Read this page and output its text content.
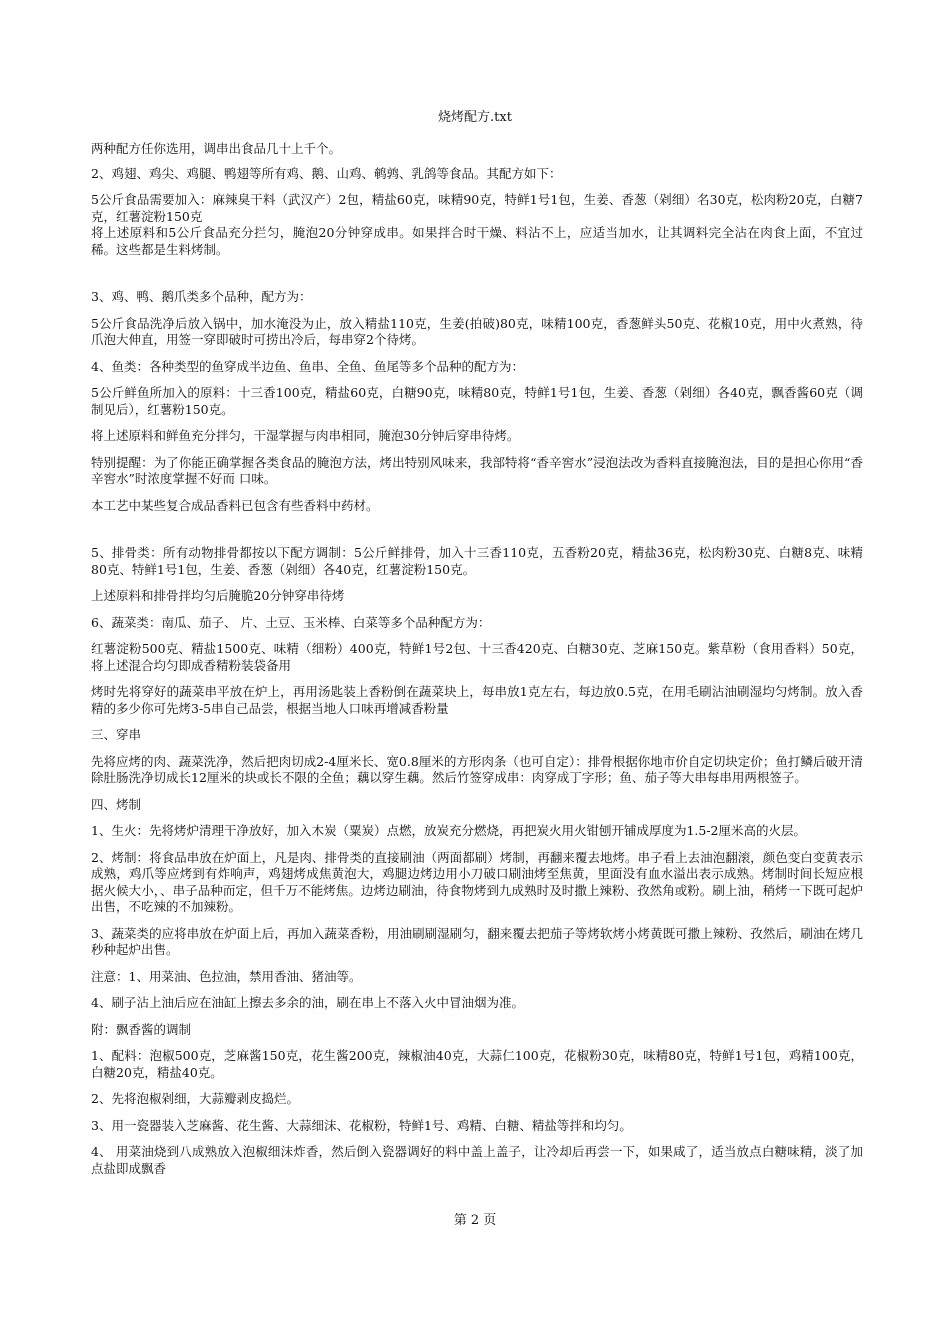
烧烤配方.txt

两种配方任你选用，调串出食品几十上千个。

2、鸡翅、鸡尖、鸡腿、鸭翅等所有鸡、鹅、山鸡、鹌鹑、乳鸽等食品。其配方如下：

5公斤食品需要加入：麻辣臭干料（武汉产）2包，精盐60克，味精90克，特鲜1号1包，生姜、香葱（剁细）名30克，松肉粉20克，白糖7克，红薯淀粉150克
将上述原料和5公斤食品充分拦匀，腌泡20分钟穿成串。如果拌合时干燥、料沾不上，应适当加水，让其调料完全沾在肉食上面，不宜过稀。这些都是生料烤制。

3、鸡、鸭、鹅爪类多个品种，配方为：

5公斤食品洗净后放入锅中，加水淹没为止，放入精盐110克，生姜(拍破)80克，味精100克，香葱鲜头50克、花椒10克，用中火煮熟，待爪泡大伸直，用签一穿即破时可捞出冷后，每串穿2个待烤。

4、鱼类：各种类型的鱼穿成半边鱼、鱼串、全鱼、鱼尾等多个品种的配方为：

5公斤鲜鱼所加入的原料：十三香100克，精盐60克，白糖90克，味精80克，特鲜1号1包，生姜、香葱（剁细）各40克，飘香酱60克（调制见后），红薯粉150克。

将上述原料和鲜鱼充分拌匀，干湿掌握与肉串相同，腌泡30分钟后穿串待烤。

特别提醒：为了你能正确掌握各类食品的腌泡方法，烤出特别风味来，我部特将“香辛窖水”浸泡法改为香料直接腌泡法，目的是担心你用“香辛窖水”时浓度掌握不好而 口味。

本工艺中某些复合成品香料已包含有些香料中药材。

5、排骨类：所有动物排骨都按以下配方调制：5公斤鲜排骨，加入十三香110克，五香粉20克，精盐36克，松肉粉30克、白糖8克、味精80克、特鲜1号1包，生姜、香葱（剁细）各40克，红薯淀粉150克。

上述原料和排骨拌均匀后腌脆20分钟穿串待烤

6、蔬菜类：南瓜、茄子、 片、土豆、玉米棒、白菜等多个品种配方为：

红薯淀粉500克、精盐1500克、味精（细粉）400克，特鲜1号2包、十三香420克、白糖30克、芝麻150克。紫草粉（食用香料）50克，将上述混合均匀即成香精粉装袋备用

烤时先将穿好的蔬菜串平放在炉上，再用汤匙装上香粉倒在蔬菜块上，每串放1克左右，每边放0.5克，在用毛刷沾油刷湿均匀烤制。放入香精的多少你可先烤3-5串自己品尝，根据当地人口味再增减香粉量

三、穿串

先将应烤的肉、蔬菜洗净，然后把肉切成2-4厘米长、宽0.8厘米的方形肉条（也可自定）：排骨根据你地市价自定切块定价；鱼打鳞后破开清除肚肠洗净切成长12厘米的块或长不限的全鱼；藕以穿生藕。然后竹签穿成串：肉穿成丁字形；鱼、茄子等大串每串用两根签子。

四、烤制

1、生火：先将烤炉清理干净放好，加入木炭（粟炭）点燃，放炭充分燃烧，再把炭火用火钳刨开铺成厚度为1.5-2厘米高的火层。

2、烤制：将食品串放在炉面上，凡是肉、排骨类的直接刷油（两面都刷）烤制，再翻来覆去地烤。串子看上去油泡翻滚，颜色变白变黄表示成熟，鸡爪等应烤到有炸响声，鸡翅烤成焦黄泡大，鸡腿边烤边用小刀破口刷油烤至焦黄，里面没有血水溢出表示成熟。烤制时间长短应根据火候大小，、串子品种而定，但千万不能烤焦。边烤边刷油，待食物烤到九成熟时及时撒上辣粉、孜然角或粉。刷上油，稍烤一下既可起炉出售，不吃辣的不加辣粉。

3、蔬菜类的应将串放在炉面上后，再加入蔬菜香粉，用油刷刷湿刷匀，翻来覆去把茄子等烤软烤小烤黄既可撒上辣粉、孜然后，刷油在烤几秒种起炉出售。

注意：1、用菜油、色拉油，禁用香油、猪油等。

4、刷子沾上油后应在油缸上擦去多余的油，刷在串上不落入火中冒油烟为准。

附：飘香酱的调制

1、配料：泡椒500克，芝麻酱150克，花生酱200克，辣椒油40克，大蒜仁100克，花椒粉30克，味精80克，特鲜1号1包，鸡精100克，白糖20克，精盐40克。

2、先将泡椒剁细，大蒜瓣剥皮捣烂。

3、用一瓷器装入芝麻酱、花生酱、大蒜细沫、花椒粉，特鲜1号、鸡精、白糖、精盐等拌和均匀。

4、 用菜油烧到八成熟放入泡椒细沫炸香，然后倒入瓷器调好的料中盖上盖子，让冷却后再尝一下，如果咸了，适当放点白糖味精，淡了加点盐即成飘香

第 2 页
